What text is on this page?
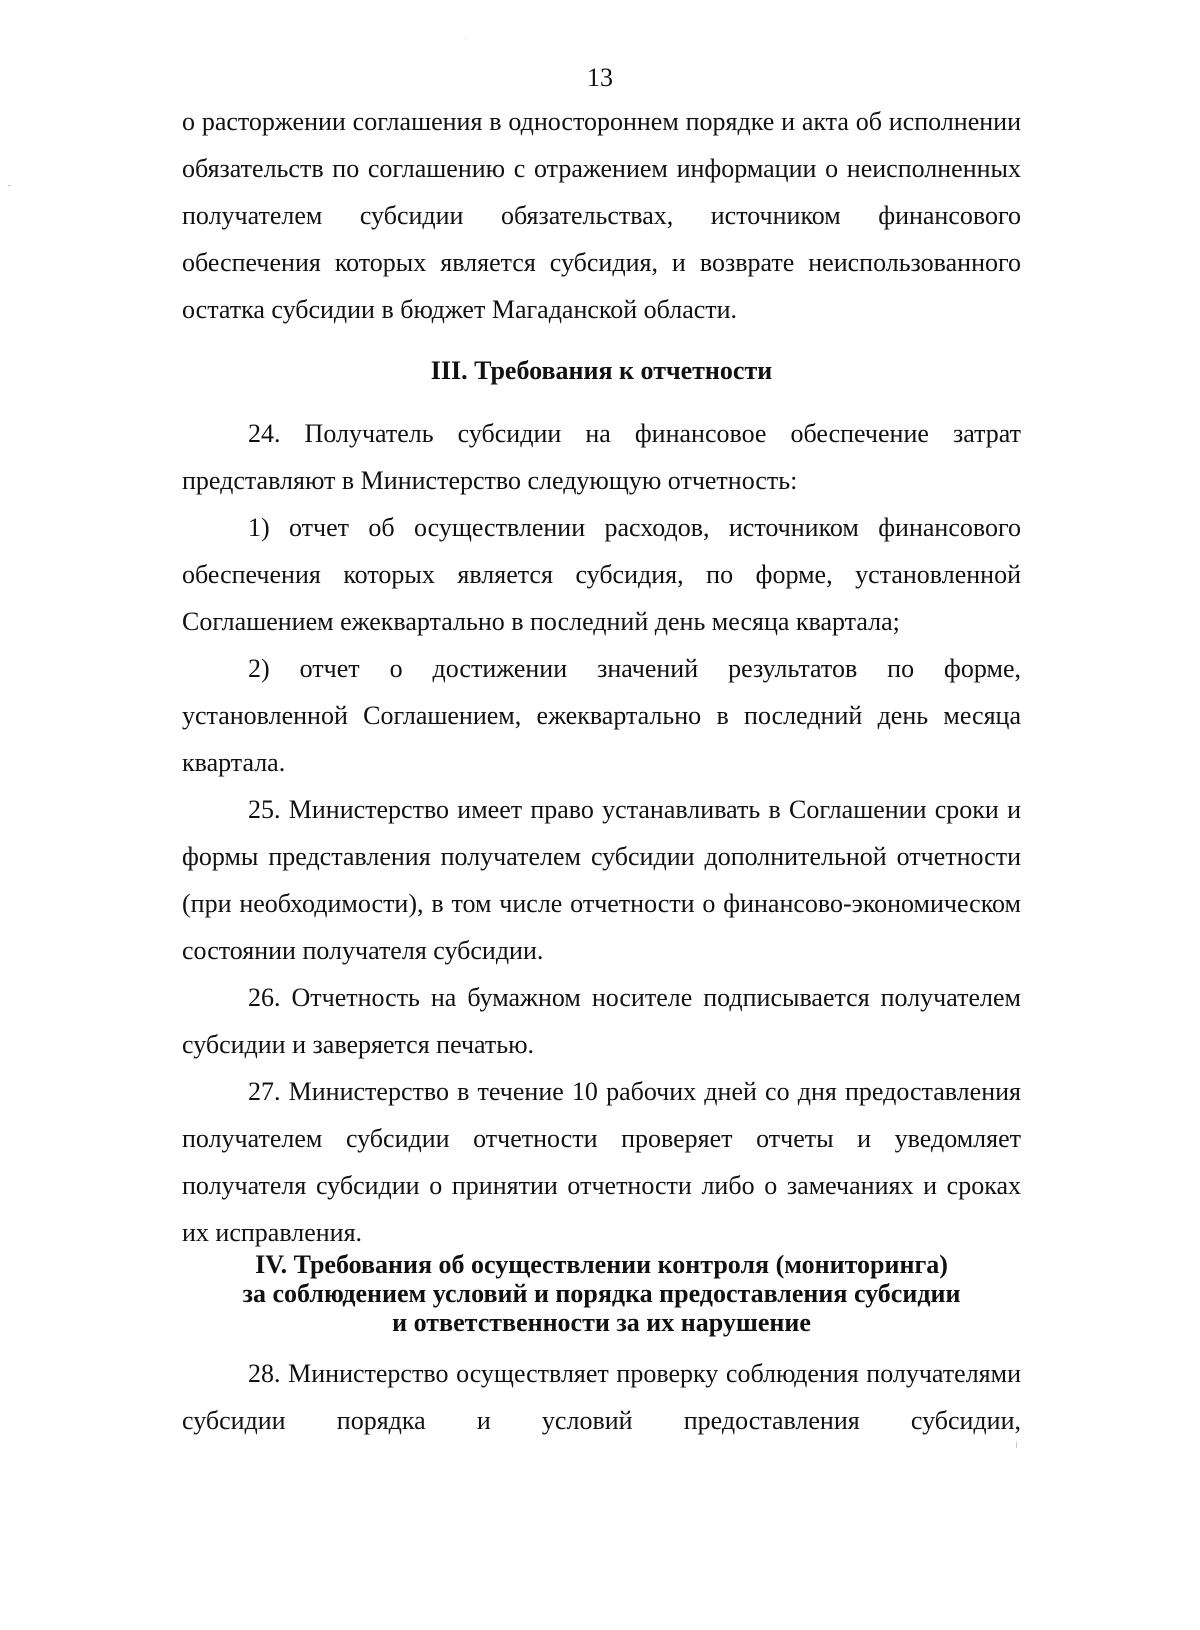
13

о расторжении соглашения в одностороннем порядке и акта об исполнении обязательств по соглашению с отражением информации о неисполненных получателем субсидии обязательствах, источником финансового обеспечения которых является субсидия, и возврате неиспользованного остатка субсидии в бюджет Магаданской области.

III. Требования к отчетности

24. Получатель субсидии на финансовое обеспечение затрат представляют в Министерство следующую отчетность:

1) отчет об осуществлении расходов, источником финансового обеспечения которых является субсидия, по форме, установленной Соглашением ежеквартально в последний день месяца квартала;

2) отчет о достижении значений результатов по форме, установленной Соглашением, ежеквартально в последний день месяца квартала.

25. Министерство имеет право устанавливать в Соглашении сроки и формы представления получателем субсидии дополнительной отчетности (при необходимости), в том числе отчетности о финансово-экономическом состоянии получателя субсидии.

26. Отчетность на бумажном носителе подписывается получателем субсидии и заверяется печатью.

27. Министерство в течение 10 рабочих дней со дня предоставления получателем субсидии отчетности проверяет отчеты и уведомляет получателя субсидии о принятии отчетности либо о замечаниях и сроках их исправления.

IV. Требования об осуществлении контроля (мониторинга)
за соблюдением условий и порядка предоставления субсидии
и ответственности за их нарушение

28. Министерство осуществляет проверку соблюдения получателями субсидии порядка и условий предоставления субсидии,
